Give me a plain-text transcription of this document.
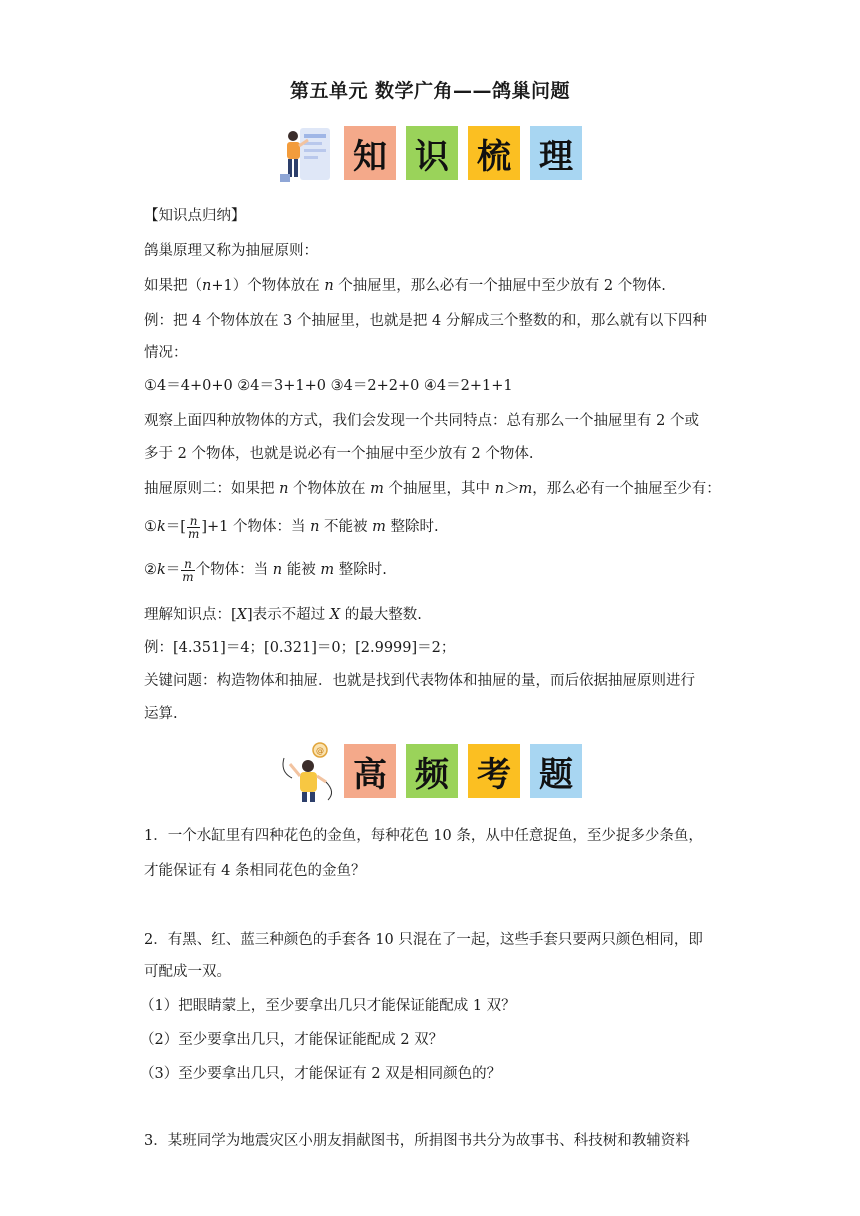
第五单元 数学广角——鸽巢问题
知 识 梳 理
【知识点归纳】
鸽巢原理又称为抽屉原则：
如果把（n+1）个物体放在 n 个抽屉里，那么必有一个抽屉中至少放有 2 个物体.
例：把 4 个物体放在 3 个抽屉里，也就是把 4 分解成三个整数的和，那么就有以下四种
情况：
①4＝4+0+0 ②4＝3+1+0 ③4＝2+2+0 ④4＝2+1+1
观察上面四种放物体的方式，我们会发现一个共同特点：总有那么一个抽屉里有 2 个或
多于 2 个物体，也就是说必有一个抽屉中至少放有 2 个物体.
抽屉原则二：如果把 n 个物体放在 m 个抽屉里，其中 n＞m，那么必有一个抽屉至少有：
①k＝[ $\frac{n}{m} ]+1$ 个物体：当 n 不能被 m 整除时.
②k＝ $\frac{n}{m}$ 个物体：当 n 能被 m 整除时.
理解知识点：[X]表示不超过 X 的最大整数.
例：[4.351]＝4；[0.321]＝0；[2.9999]＝2；
关键问题：构造物体和抽屉．也就是找到代表物体和抽屉的量，而后依据抽屉原则进行
运算.
@
高 频 考 题
1．一个水缸里有四种花色的金鱼，每种花色 10 条，从中任意捉鱼，至少捉多少条鱼，
才能保证有 4 条相同花色的金鱼？
2．有黑、红、蓝三种颜色的手套各 10 只混在了一起，这些手套只要两只颜色相同，即
可配成一双。
（1）把眼睛蒙上，至少要拿出几只才能保证能配成 1 双？
（2）至少要拿出几只，才能保证能配成 2 双？
（3）至少要拿出几只，才能保证有 2 双是相同颜色的？
3．某班同学为地震灾区小朋友捐献图书，所捐图书共分为故事书、科技树和教辅资料
